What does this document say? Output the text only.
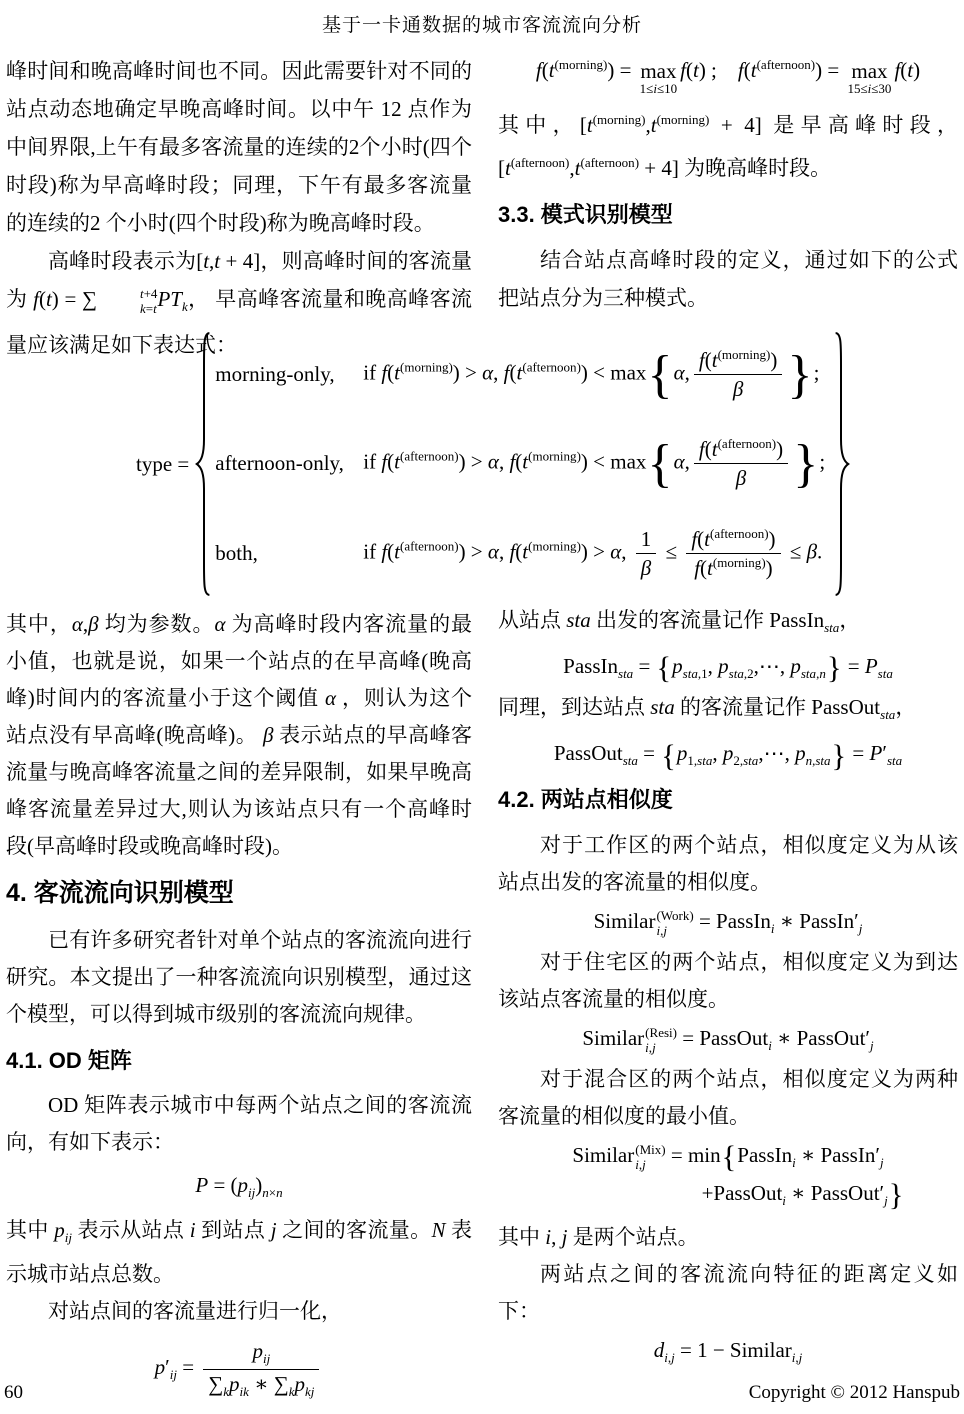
基于一卡通数据的城市客流流向分析

峰时间和晚高峰时间也不同。因此需要针对不同的站点动态地确定早晚高峰时间。以中午 12 点作为中间界限,上午有最多客流量的连续的2个小时(四个时段)称为早高峰时段；同理，下午有最多客流量的连续的2 个小时(四个时段)称为晚高峰时段。

高峰时段表示为[t,t + 4]，则高峰时间的客流量为 f(t) = ∑	t+4
k=t $PT_k$， 早高峰客流量和晚高峰客流量应该满足如下表达式：

$f(t^{(morning)}) = \max$
1≤i≤10
f(t) ; $f(t^{(afternoon)}) = \max$
15≤i≤30
f(t)

其中，$[t^{(morning)},t^{(morning)} + 4]$ 是早高峰时段，$[t^{(afternoon)},t^{(afternoon)} + 4]$ 为晚高峰时段。

3.3. 模式识别模型

结合站点高峰时段的定义，通过如下的公式把站点分为三种模式。

type =
morning-only,	if $f(t^{(morning)}) > \alpha$, $f(t^{(afternoon)}) < \max\{\alpha$, $\frac{f(t^{(morning)})}{\beta}$ };
afternoon-only, if $f(t^{(afternoon)}) > \alpha$, $f(t^{(morning)}) < \max\{\alpha$, $\frac{f(t^{(afternoon)})}{\beta}$ };
both,	if $f(t^{(afternoon)}) > \alpha$, $f(t^{(morning)}) > \alpha$, $\frac{1}{\beta} \le \frac{f(t^{(afternoon)})}{f(t^{(morning)})} \le \beta$.

其中，α,β 均为参数。α 为高峰时段内客流量的最小值，也就是说，如果一个站点的在早高峰(晚高峰)时间内的客流量小于这个阈值 α ，则认为这个站点没有早高峰(晚高峰)。 β 表示站点的早高峰客流量与晚高峰客流量之间的差异限制，如果早晚高峰客流量差异过大,则认为该站点只有一个高峰时段(早高峰时段或晚高峰时段)。

4. 客流流向识别模型

已有许多研究者针对单个站点的客流流向进行研究。本文提出了一种客流流向识别模型，通过这个模型，可以得到城市级别的客流流向规律。

4.1. OD 矩阵

OD 矩阵表示城市中每两个站点之间的客流流向，有如下表示：

$P = (p_{ij})_{n\times n}$

其中 $p_{ij}$ 表示从站点 i 到站点 j 之间的客流量。N 表示城市站点总数。

对站点间的客流量进行归一化，

$p'_{ij} = \frac{p_{ij}}{\sum_kp_{ik} ∗ \sum_kp_{kj}}$

从站点 sta 出发的客流量记作 PassIn$_{sta}$，

PassIn$_{sta}$ = {$p_{sta,1}$, $p_{sta,2},\cdots$, $p_{sta,n}\} = P_{sta}$

同理，到达站点 sta 的客流量记作 PassOut$_{sta}$，

PassOut$_{sta}$ = {$p_{1,sta}$, $p_{2,sta},\cdots$, $p_{n,sta}\} = P'_{sta}$
4.2. 两站点相似度

对于工作区的两个站点，相似度定义为从该站点出发的客流量的相似度。

Similar (Work)
i,j	= PassIn$_i$ ∗ $PassIn'_j$

对于住宅区的两个站点，相似度定义为到达该站点客流量的相似度。

Similar (Resi)
i,j	= PassOut$_i$ ∗ $PassOut'_j$

对于混合区的两个站点，相似度定义为两种客流量的相似度的最小值。

Similar (Mix)
i,j = min{PassIn$_i$ ∗ $PassIn'_j$
+PassOut$_i$ ∗ $PassOut'_j$}

其中 i, j 是两个站点。

两站点之间的客流流向特征的距离定义如下：

$d_{i,j} = 1$ − Similar$_{i,j}$
60	Copyright © 2012 Hanspub
